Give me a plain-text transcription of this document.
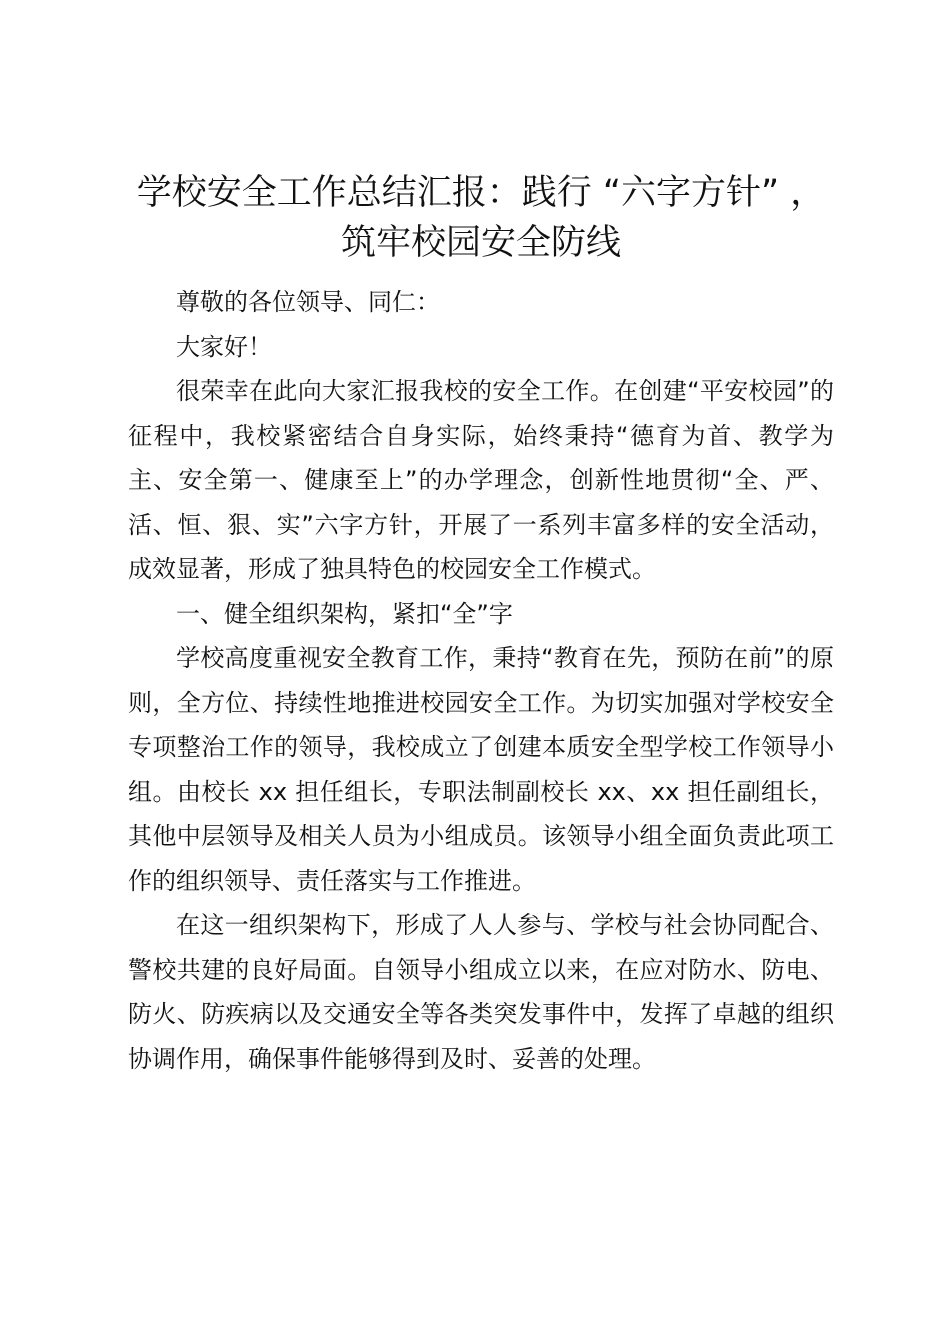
学校安全工作总结汇报：践行 “六字方针” ，
筑牢校园安全防线

尊敬的各位领导、同仁：

大家好！

很荣幸在此向大家汇报我校的安全工作。在创建“平安校园”的征程中，我校紧密结合自身实际，始终秉持“德育为首、教学为主、安全第一、健康至上”的办学理念，创新性地贯彻“全、严、活、恒、狠、实”六字方针，开展了一系列丰富多样的安全活动，成效显著，形成了独具特色的校园安全工作模式。

一、健全组织架构，紧扣“全”字

学校高度重视安全教育工作，秉持“教育在先，预防在前”的原则，全方位、持续性地推进校园安全工作。为切实加强对学校安全专项整治工作的领导，我校成立了创建本质安全型学校工作领导小组。由校长 xx 担任组长，专职法制副校长 xx、xx 担任副组长，其他中层领导及相关人员为小组成员。该领导小组全面负责此项工作的组织领导、责任落实与工作推进。

在这一组织架构下，形成了人人参与、学校与社会协同配合、警校共建的良好局面。自领导小组成立以来，在应对防水、防电、防火、防疾病以及交通安全等各类突发事件中，发挥了卓越的组织协调作用，确保事件能够得到及时、妥善的处理。
